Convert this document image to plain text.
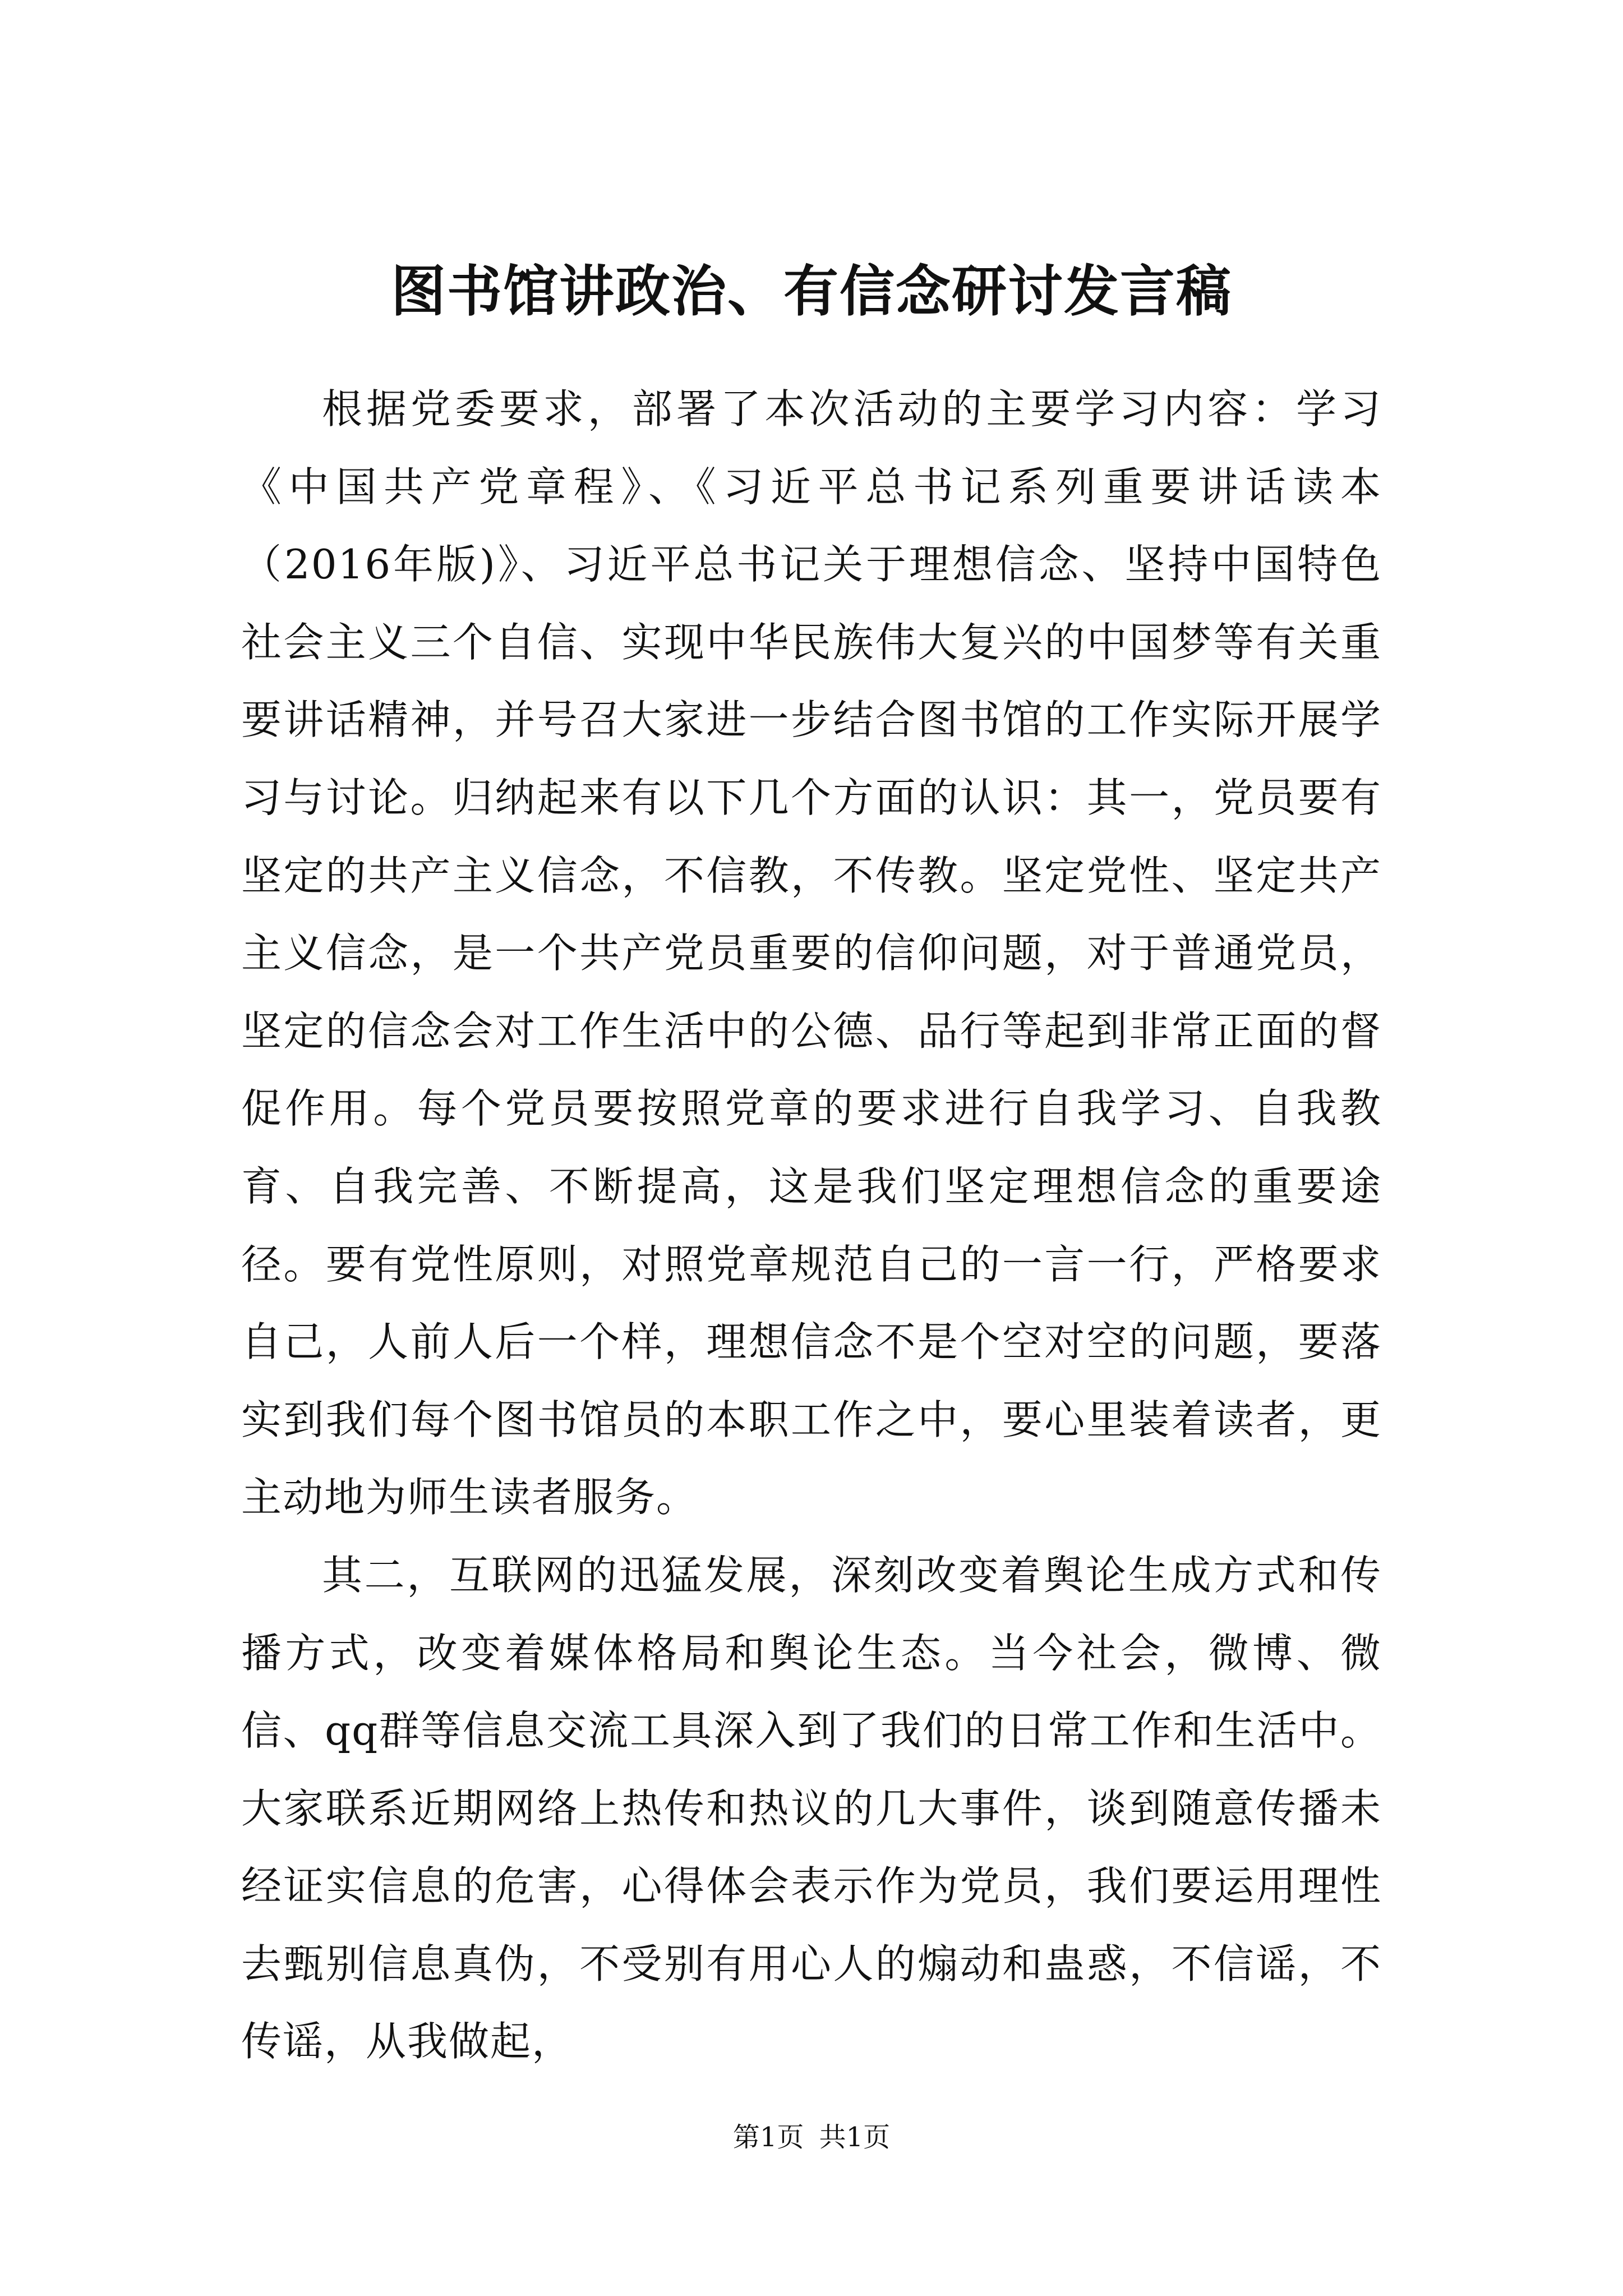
图书馆讲政治、有信念研讨发言稿

根据党委要求，部署了本次活动的主要学习内容：学习《中国共产党章程》、《习近平总书记系列重要讲话读本（2016年版)》、习近平总书记关于理想信念、坚持中国特色社会主义三个自信、实现中华民族伟大复兴的中国梦等有关重要讲话精神，并号召大家进一步结合图书馆的工作实际开展学习与讨论。归纳起来有以下几个方面的认识：其一，党员要有坚定的共产主义信念，不信教，不传教。坚定党性、坚定共产主义信念，是一个共产党员重要的信仰问题，对于普通党员，坚定的信念会对工作生活中的公德、品行等起到非常正面的督促作用。每个党员要按照党章的要求进行自我学习、自我教育、自我完善、不断提高，这是我们坚定理想信念的重要途径。要有党性原则，对照党章规范自己的一言一行，严格要求自己，人前人后一个样，理想信念不是个空对空的问题，要落实到我们每个图书馆员的本职工作之中，要心里装着读者，更主动地为师生读者服务。

其二，互联网的迅猛发展，深刻改变着舆论生成方式和传播方式，改变着媒体格局和舆论生态。当今社会，微博、微信、qq群等信息交流工具深入到了我们的日常工作和生活中。大家联系近期网络上热传和热议的几大事件，谈到随意传播未经证实信息的危害，心得体会表示作为党员，我们要运用理性去甄别信息真伪，不受别有用心人的煽动和蛊惑，不信谣，不传谣，从我做起，

第1页 共1页
